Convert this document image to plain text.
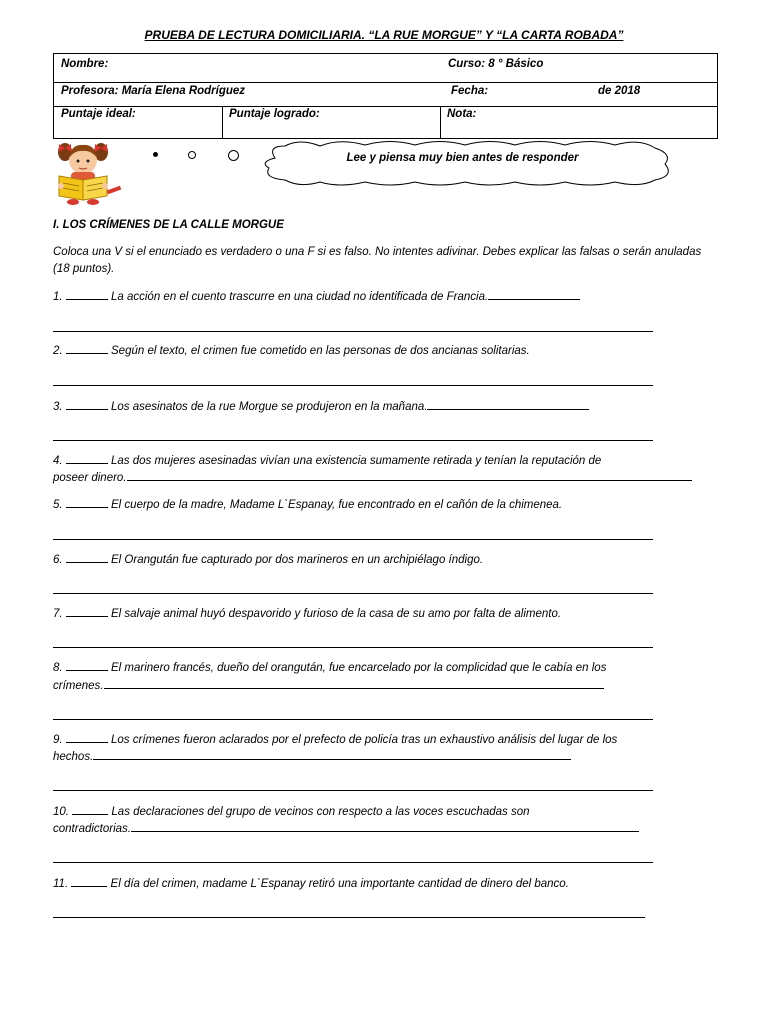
PRUEBA DE LECTURA DOMICILIARIA. “LA RUE MORGUE” Y “LA CARTA ROBADA”
Nombre:	Curso: 8 ° Básico
Profesora: María Elena Rodríguez	Fecha:	de 2018
Puntaje ideal:	Puntaje logrado:	Nota:
Lee y piensa muy bien antes de responder
I. LOS CRÍMENES DE LA CALLE MORGUE
Coloca una V si el enunciado es verdadero o una F si es falso. No intentes adivinar. Debes explicar las falsas o serán anuladas (18 puntos).
1.	La acción en el cuento trascurre en una ciudad no identificada de Francia.
2.	Según el texto, el crimen fue cometido en las personas de dos ancianas solitarias.
3.	Los asesinatos de la rue Morgue se produjeron en la mañana.
4.	Las dos mujeres asesinadas vivían una existencia sumamente retirada y tenían la reputación de
poseer dinero.
5.	El cuerpo de la madre, Madame L`Espanay, fue encontrado en el cañón de la chimenea.
6.	El Orangután fue capturado por dos marineros en un archipiélago índigo.
7.	El salvaje animal huyó despavorido y furioso de la casa de su amo por falta de alimento.
8.	El marinero francés, dueño del orangután, fue encarcelado por la complicidad que le cabía en los
crímenes.
9.	Los crímenes fueron aclarados por el prefecto de policía tras un exhaustivo análisis del lugar de los
hechos.
10.	Las declaraciones del grupo de vecinos con respecto a las voces escuchadas son
contradictorias.
11.	El día del crimen, madame L`Espanay retiró una importante cantidad de dinero del banco.
